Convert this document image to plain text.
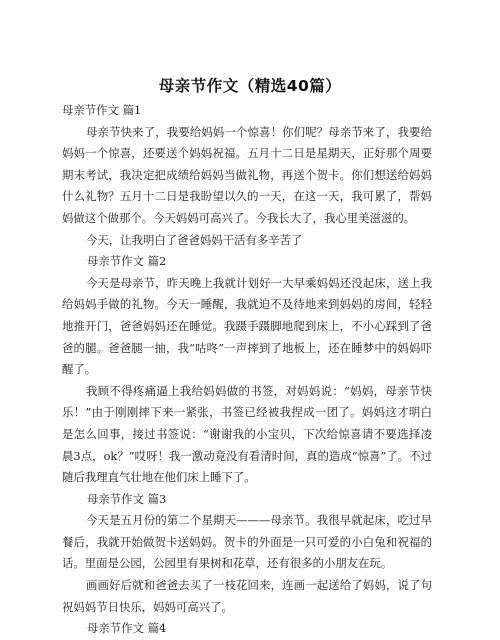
母亲节作文（精选40篇）

母亲节作文 篇1

母亲节快来了，我要给妈妈一个惊喜！你们呢？母亲节来了，我要给妈妈一个惊喜，还要送个妈妈祝福。五月十二日是星期天，正好那个周要期末考试，我决定把成绩给妈妈当做礼物，再送个贺卡。你们想送给妈妈什么礼物？五月十二日是我盼望以久的一天，在这一天，我可累了，帮妈妈做这个做那个。今天妈妈可高兴了。今我长大了，我心里美滋滋的。

今天，让我明白了爸爸妈妈干活有多辛苦了

母亲节作文 篇2

今天是母亲节，昨天晚上我就计划好一大早乘妈妈还没起床，送上我给妈妈手做的礼物。今天一睡醒，我就迫不及待地来到妈妈的房间，轻轻地推开门，爸爸妈妈还在睡觉。我蹑手蹑脚地爬到床上，不小心踩到了爸爸的腿。爸爸腿一抽，我“咕咚”一声摔到了地板上，还在睡梦中的妈妈吓醒了。

我顾不得疼痛逼上我给妈妈做的书签，对妈妈说：“妈妈，母亲节快乐！”由于刚刚摔下来一紧张，书签已经被我捏成一团了。妈妈这才明白是怎么回事，接过书签说：“谢谢我的小宝贝，下次给惊喜请不要选择凌晨3点，ok？”哎呀！我一激动竟没有看清时间，真的造成“惊喜”了。不过随后我理直气壮地在他们床上睡下了。

母亲节作文 篇3

今天是五月份的第二个星期天———母亲节。我很早就起床，吃过早餐后，我就开始做贺卡送妈妈。贺卡的外面是一只可爱的小白兔和祝福的话。里面是公园，公园里有果树和花草，还有很多的小朋友在玩。

画画好后就和爸爸去买了一枝花回来，连画一起送给了妈妈，说了句祝妈妈节日快乐，妈妈可高兴了。

母亲节作文 篇4
